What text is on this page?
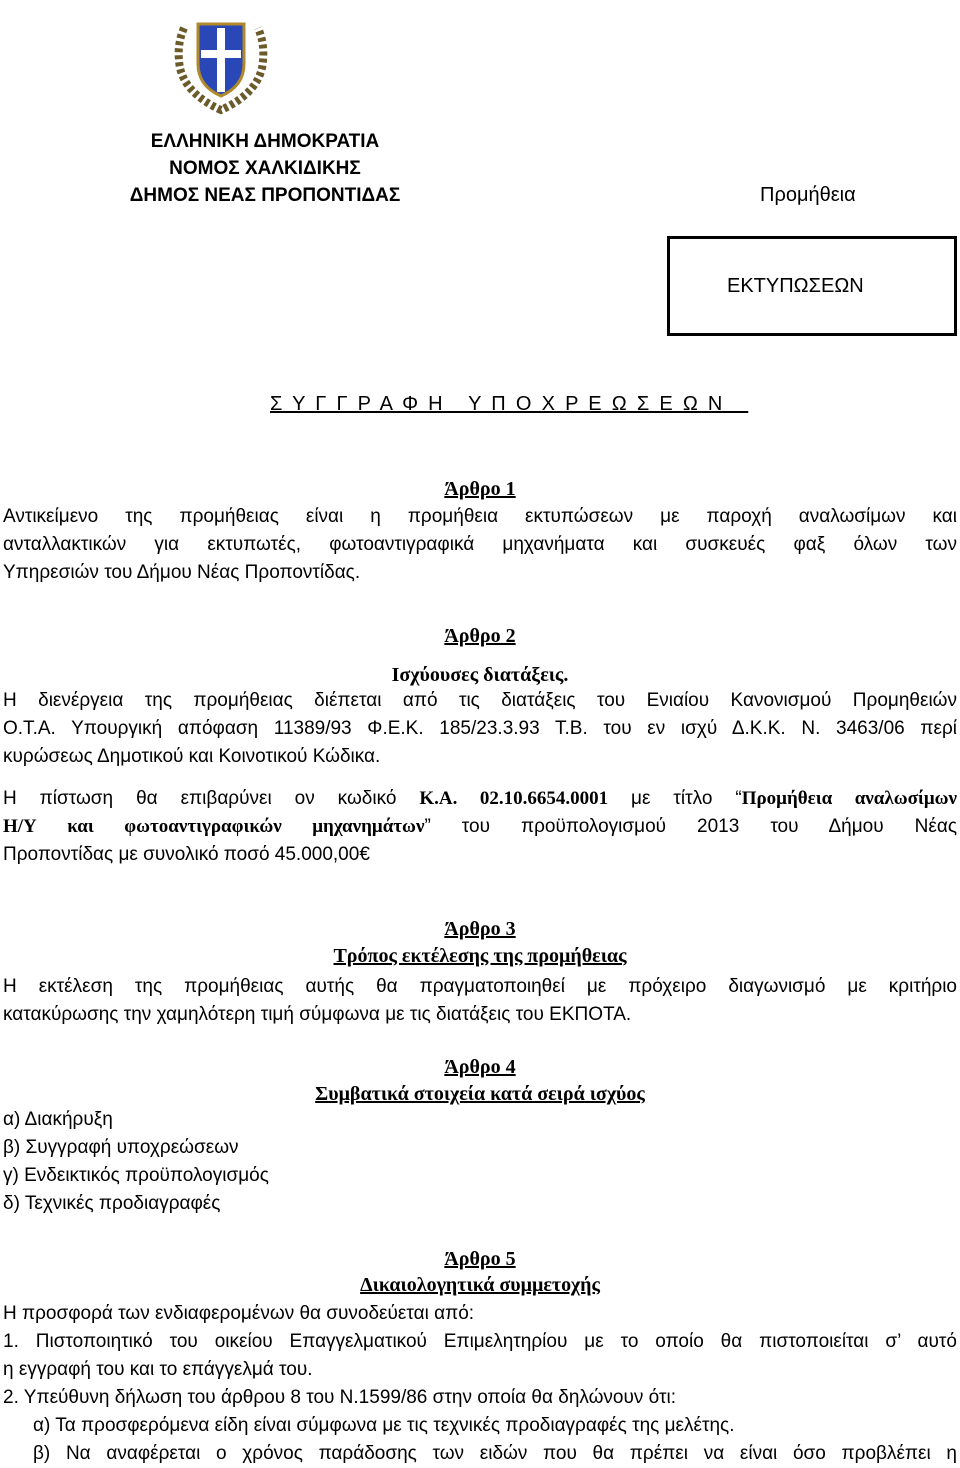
ΕΛΛΗΝΙΚΗ ΔΗΜΟΚΡΑΤΙΑ
ΝΟΜΟΣ ΧΑΛΚΙΔΙΚΗΣ
ΔΗΜΟΣ ΝΕΑΣ ΠΡΟΠΟΝΤΙΔΑΣ	Προμήθεια
ΕΚΤΥΠΩΣΕΩΝ
Σ Υ Γ Γ Ρ Α Φ Η   Υ Π Ο Χ Ρ Ε Ω Σ Ε Ω Ν
Άρθρο 1
Αντικείμενο της προμήθειας είναι η προμήθεια εκτυπώσεων με παροχή αναλωσίμων και
ανταλλακτικών για εκτυπωτές, φωτοαντιγραφικά μηχανήματα και συσκευές φαξ όλων των
Υπηρεσιών του Δήμου Νέας Προποντίδας.
Άρθρο 2
Ισχύουσες διατάξεις.
Η διενέργεια της προμήθειας διέπεται από τις διατάξεις του Ενιαίου Κανονισμού Προμηθειών
Ο.Τ.Α. Υπουργική απόφαση 11389/93 Φ.Ε.Κ. 185/23.3.93 Τ.Β. του εν ισχύ Δ.Κ.Κ. Ν. 3463/06 περί
κυρώσεως Δημοτικού και Κοινοτικού Κώδικα.
Η πίστωση θα επιβαρύνει ον κωδικό Κ.Α. 02.10.6654.0001 με τίτλο “Προμήθεια αναλωσίμων
Η/Υ και φωτοαντιγραφικών μηχανημάτων” του προϋπολογισμού 2013 του Δήμου Νέας
Προποντίδας με συνολικό ποσό 45.000,00€
Άρθρο 3
Τρόπος εκτέλεσης της προμήθειας
Η εκτέλεση της προμήθειας αυτής θα πραγματοποιηθεί με πρόχειρο διαγωνισμό με κριτήριο
κατακύρωσης την χαμηλότερη τιμή σύμφωνα με τις διατάξεις του ΕΚΠΟΤΑ.
Άρθρο 4
Συμβατικά στοιχεία κατά σειρά ισχύος
α) Διακήρυξη
β) Συγγραφή υποχρεώσεων
γ) Ενδεικτικός προϋπολογισμός
δ) Τεχνικές προδιαγραφές
Άρθρο 5
Δικαιολογητικά συμμετοχής
Η προσφορά των ενδιαφερομένων θα συνοδεύεται από:
1. Πιστοποιητικό του οικείου Επαγγελματικού Επιμελητηρίου με το οποίο θα πιστοποιείται σ’ αυτό
η εγγραφή του και το επάγγελμά του.
2. Υπεύθυνη δήλωση του άρθρου 8 του Ν.1599/86 στην οποία θα δηλώνουν ότι:
α) Τα προσφερόμενα είδη είναι σύμφωνα με τις τεχνικές προδιαγραφές της μελέτης.
β) Να αναφέρεται ο χρόνος παράδοσης των ειδών που θα πρέπει να είναι όσο προβλέπει η
